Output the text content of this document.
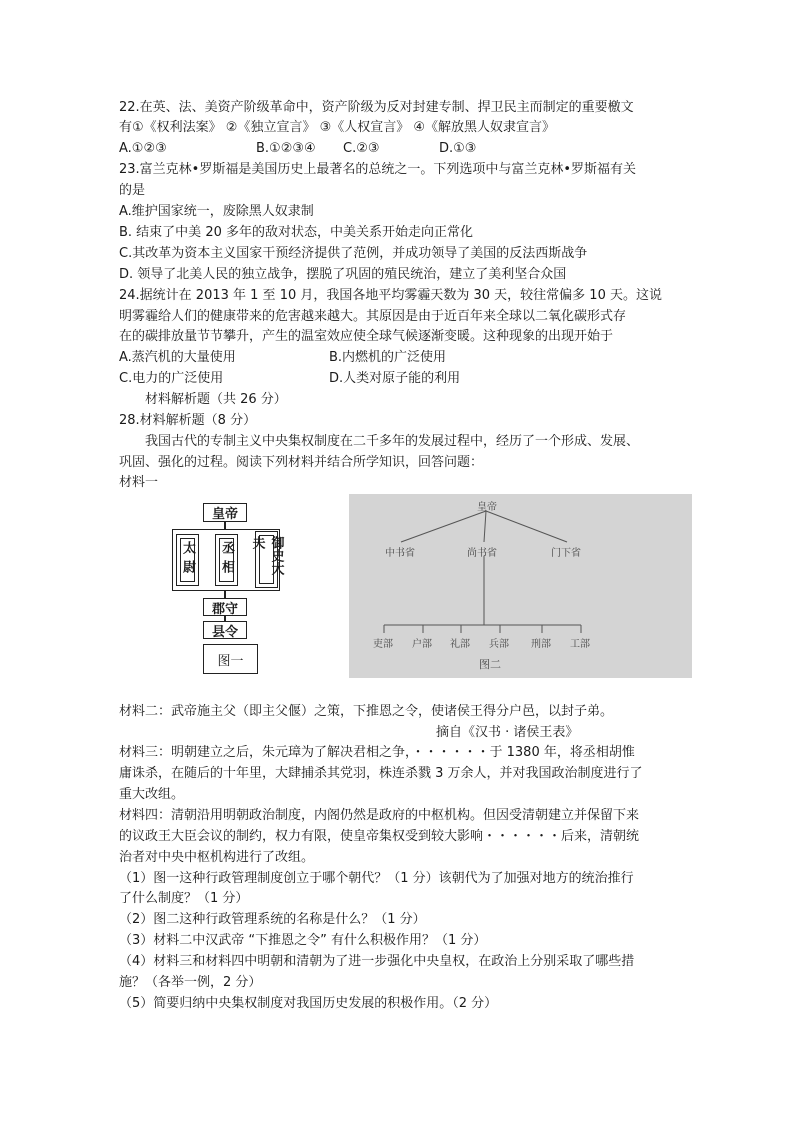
22.在英、法、美资产阶级革命中，资产阶级为反对封建专制、捍卫民主而制定的重要檄文
有①《权利法案》 ②《独立宣言》 ③《人权宣言》 ④《解放黑人奴隶宣言》
A.①②③	B.①②③④ C.②③	D.①③
23.富兰克林•罗斯福是美国历史上最著名的总统之一。下列选项中与富兰克林•罗斯福有关
的是
A.维护国家统一，废除黑人奴隶制
B. 结束了中美 20 多年的敌对状态，中美关系开始走向正常化
C.其改革为资本主义国家干预经济提供了范例，并成功领导了美国的反法西斯战争
D. 领导了北美人民的独立战争，摆脱了巩固的殖民统治，建立了美利坚合众国
24.据统计在 2013 年 1 至 10 月，我国各地平均雾霾天数为 30 天，较往常偏多 10 天。这说
明雾霾给人们的健康带来的危害越来越大。其原因是由于近百年来全球以二氧化碳形式存
在的碳排放量节节攀升，产生的温室效应使全球气候逐渐变暖。这种现象的出现开始于
A.蒸汽机的大量使用	B.内燃机的广泛使用
C.电力的广泛使用	D.人类对原子能的利用
材料解析题（共 26 分）
28.材料解析题（8 分）
我国古代的专制主义中央集权制度在二千多年的发展过程中，经历了一个形成、发展、
巩固、强化的过程。阅读下列材料并结合所学知识，回答问题：
材料一
皇帝
太尉 丞相	御史大夫
郡守
县令
图一
皇帝
中书省	尚书省	门下省
吏部 户部 礼部 兵部 刑部 工部
图二
材料二：武帝施主父（即主父偃）之策，下推恩之令，使诸侯王得分户邑，以封子弟。
摘自《汉书 · 诸侯王表》
材料三：明朝建立之后，朱元璋为了解决君相之争，・・・・・・于 1380 年，将丞相胡惟
庸诛杀，在随后的十年里，大肆捕杀其党羽，株连杀戮 3 万余人，并对我国政治制度进行了
重大改组。
材料四：清朝沿用明朝政治制度，内阁仍然是政府的中枢机构。但因受清朝建立并保留下来
的议政王大臣会议的制约，权力有限，使皇帝集权受到较大影响・・・・・・后来，清朝统
治者对中央中枢机构进行了改组。
（1）图一这种行政管理制度创立于哪个朝代？（1 分）该朝代为了加强对地方的统治推行
了什么制度？（1 分）
（2）图二这种行政管理系统的名称是什么？（1 分）
（3）材料二中汉武帝 “下推恩之令” 有什么积极作用？（1 分）
（4）材料三和材料四中明朝和清朝为了进一步强化中央皇权，在政治上分别采取了哪些措
施？（各举一例，2 分）
（5）简要归纳中央集权制度对我国历史发展的积极作用。（2 分）
